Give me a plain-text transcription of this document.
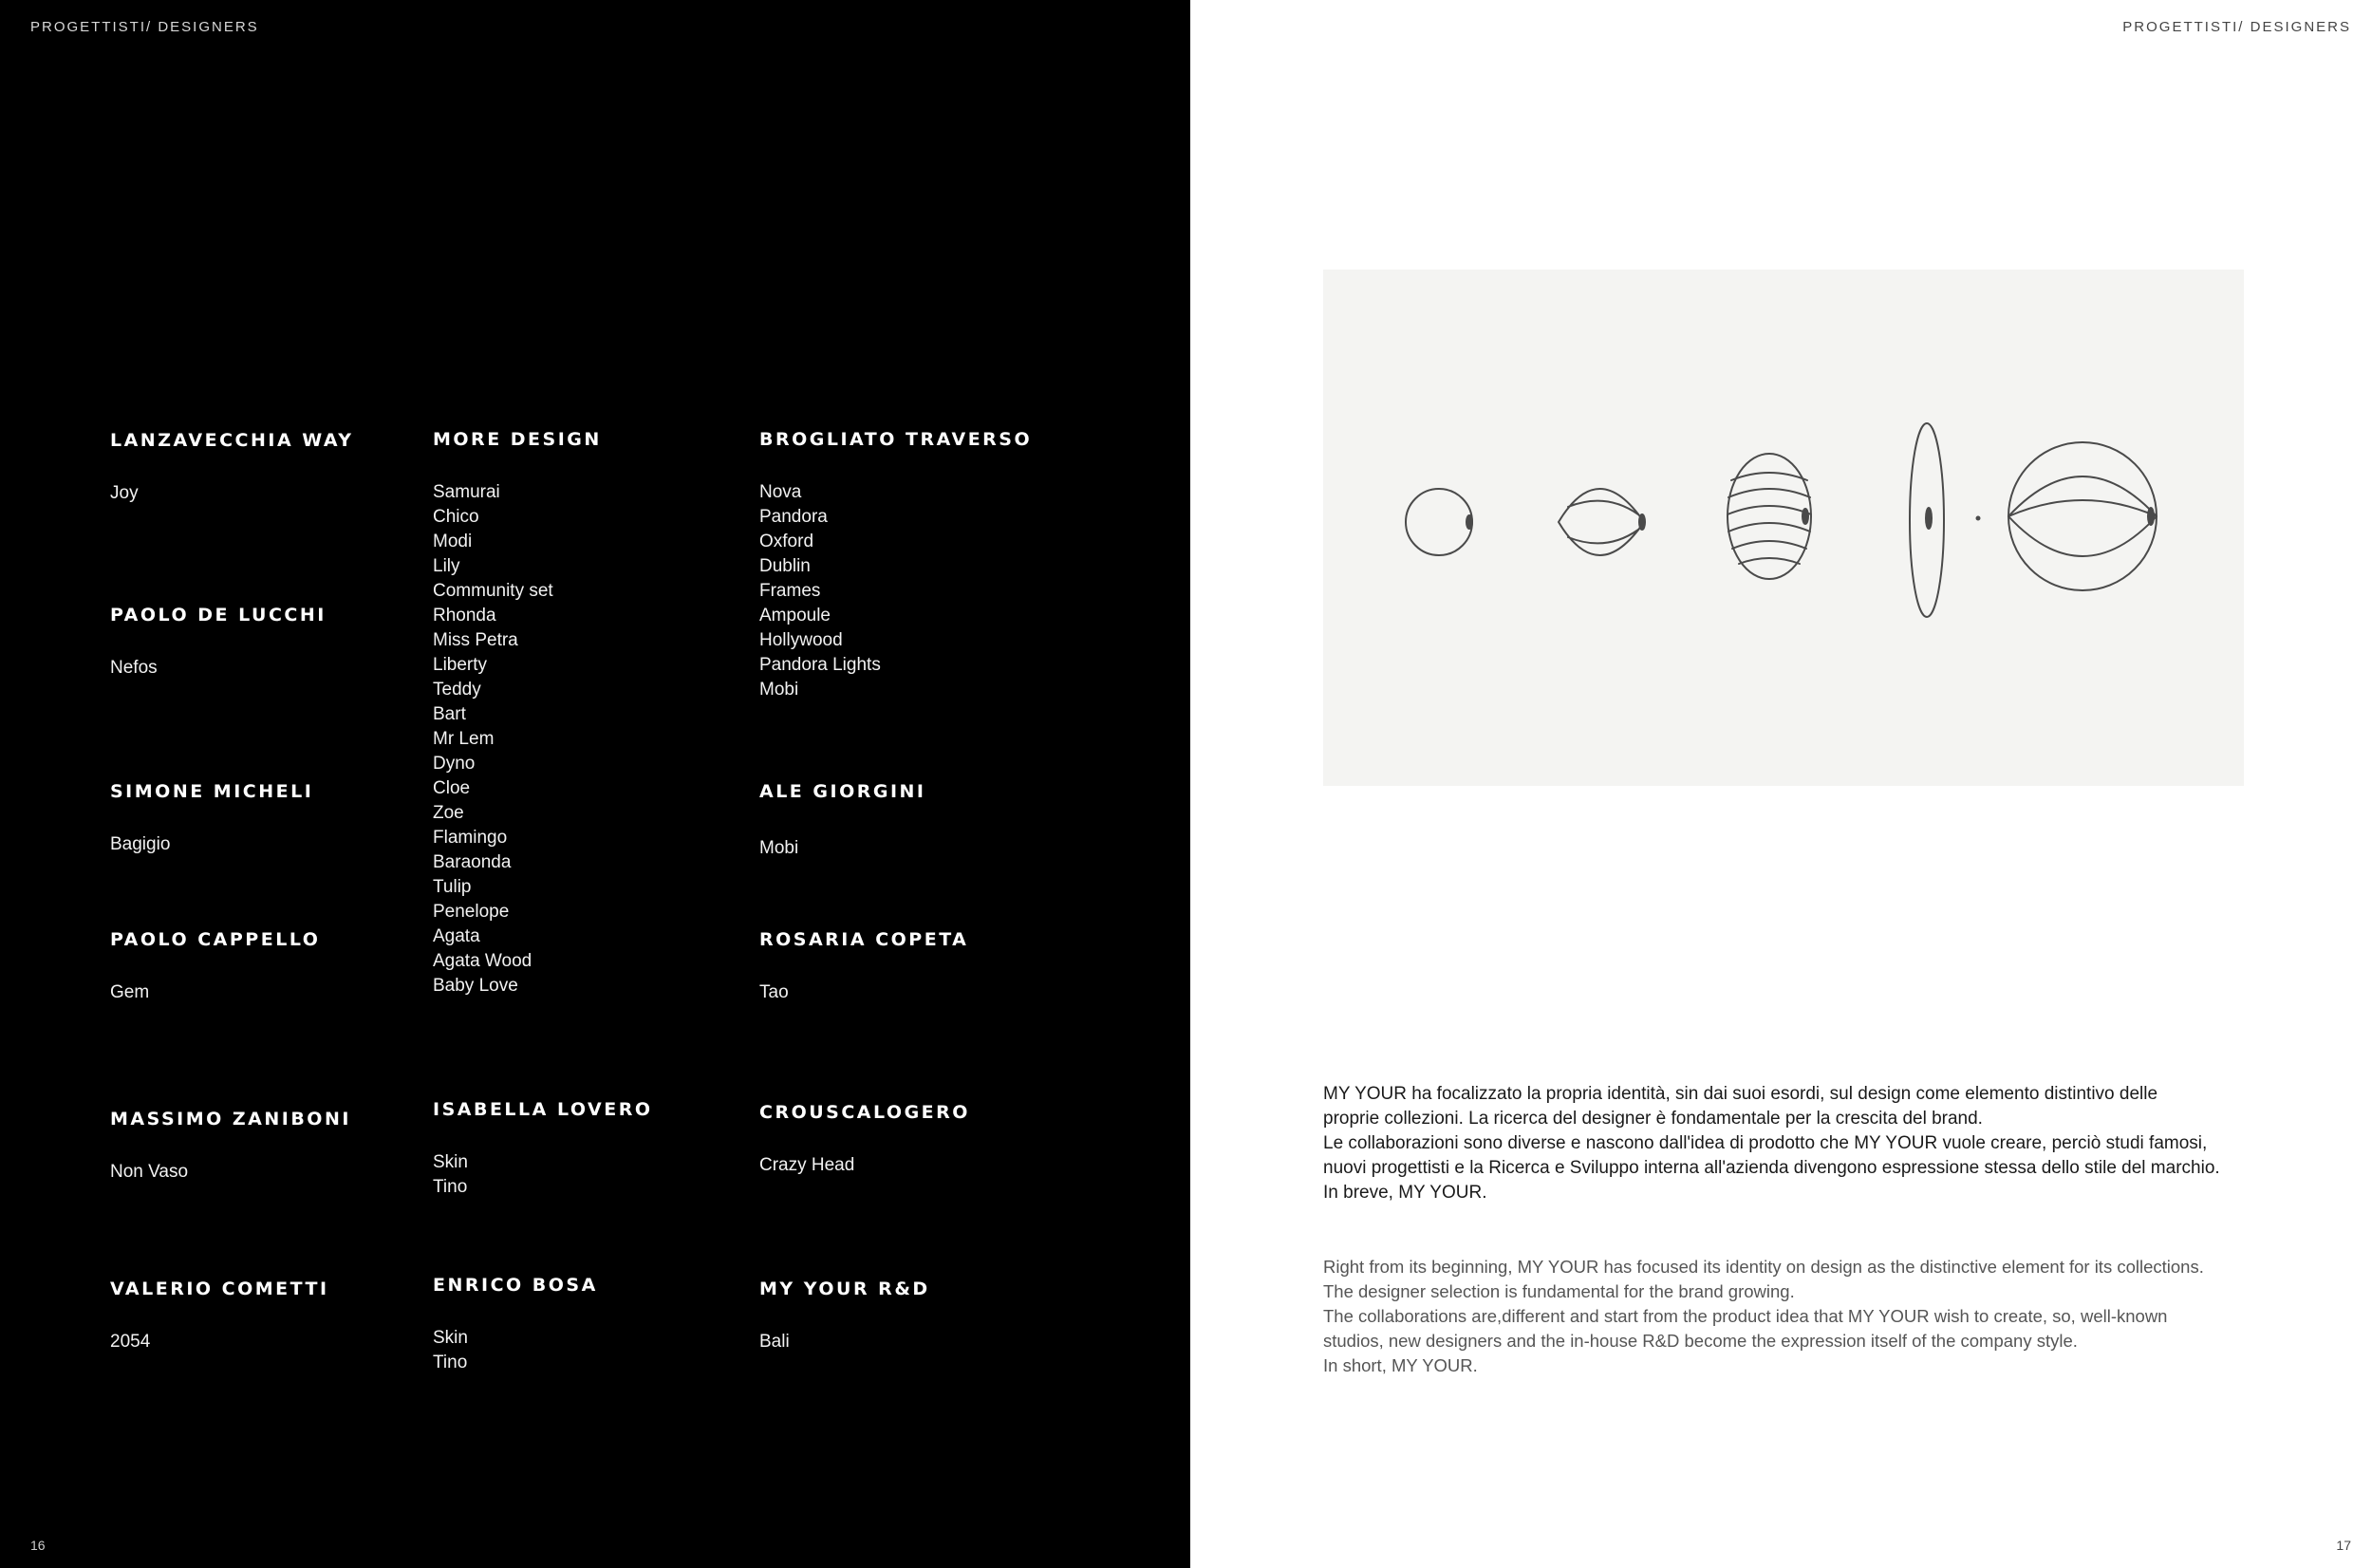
PROGETTISTI/ DESIGNERS
LANZAVECCHIA WAY
Joy
PAOLO DE LUCCHI
Nefos
SIMONE MICHELI
Bagigio
PAOLO CAPPELLO
Gem
MASSIMO ZANIBONI
Non Vaso
VALERIO COMETTI
2054
MORE DESIGN
Samurai
Chico
Modi
Lily
Community set
Rhonda
Miss Petra
Liberty
Teddy
Bart
Mr Lem
Dyno
Cloe
Zoe
Flamingo
Baraonda
Tulip
Penelope
Agata
Agata Wood
Baby Love
ISABELLA LOVERO
Skin
Tino
ENRICO BOSA
Skin
Tino
BROGLIATO TRAVERSO
Nova
Pandora
Oxford
Dublin
Frames
Ampoule
Hollywood
Pandora Lights
Mobi
ALE GIORGINI
Mobi
ROSARIA COPETA
Tao
CROUSCALOGERO
Crazy Head
MY YOUR R&D
Bali
16
PROGETTISTI/ DESIGNERS

MY YOUR ha focalizzato la propria identità, sin dai suoi esordi, sul design come elemento distintivo delle
proprie collezioni. La ricerca del designer è fondamentale per la crescita del brand.
Le collaborazioni sono diverse e nascono dall'idea di prodotto che MY YOUR vuole creare, perciò studi famosi,
nuovi progettisti e la Ricerca e Sviluppo interna all'azienda divengono espressione stessa dello stile del marchio.
In breve, MY YOUR.

Right from its beginning, MY YOUR has focused its identity on design as the distinctive element for its collections.
The designer selection is fundamental for the brand growing.
The collaborations are,different and start from the product idea that MY YOUR wish to create, so, well-known
studios, new designers and the in-house R&D become the expression itself of the company style.
In short, MY YOUR.

17
